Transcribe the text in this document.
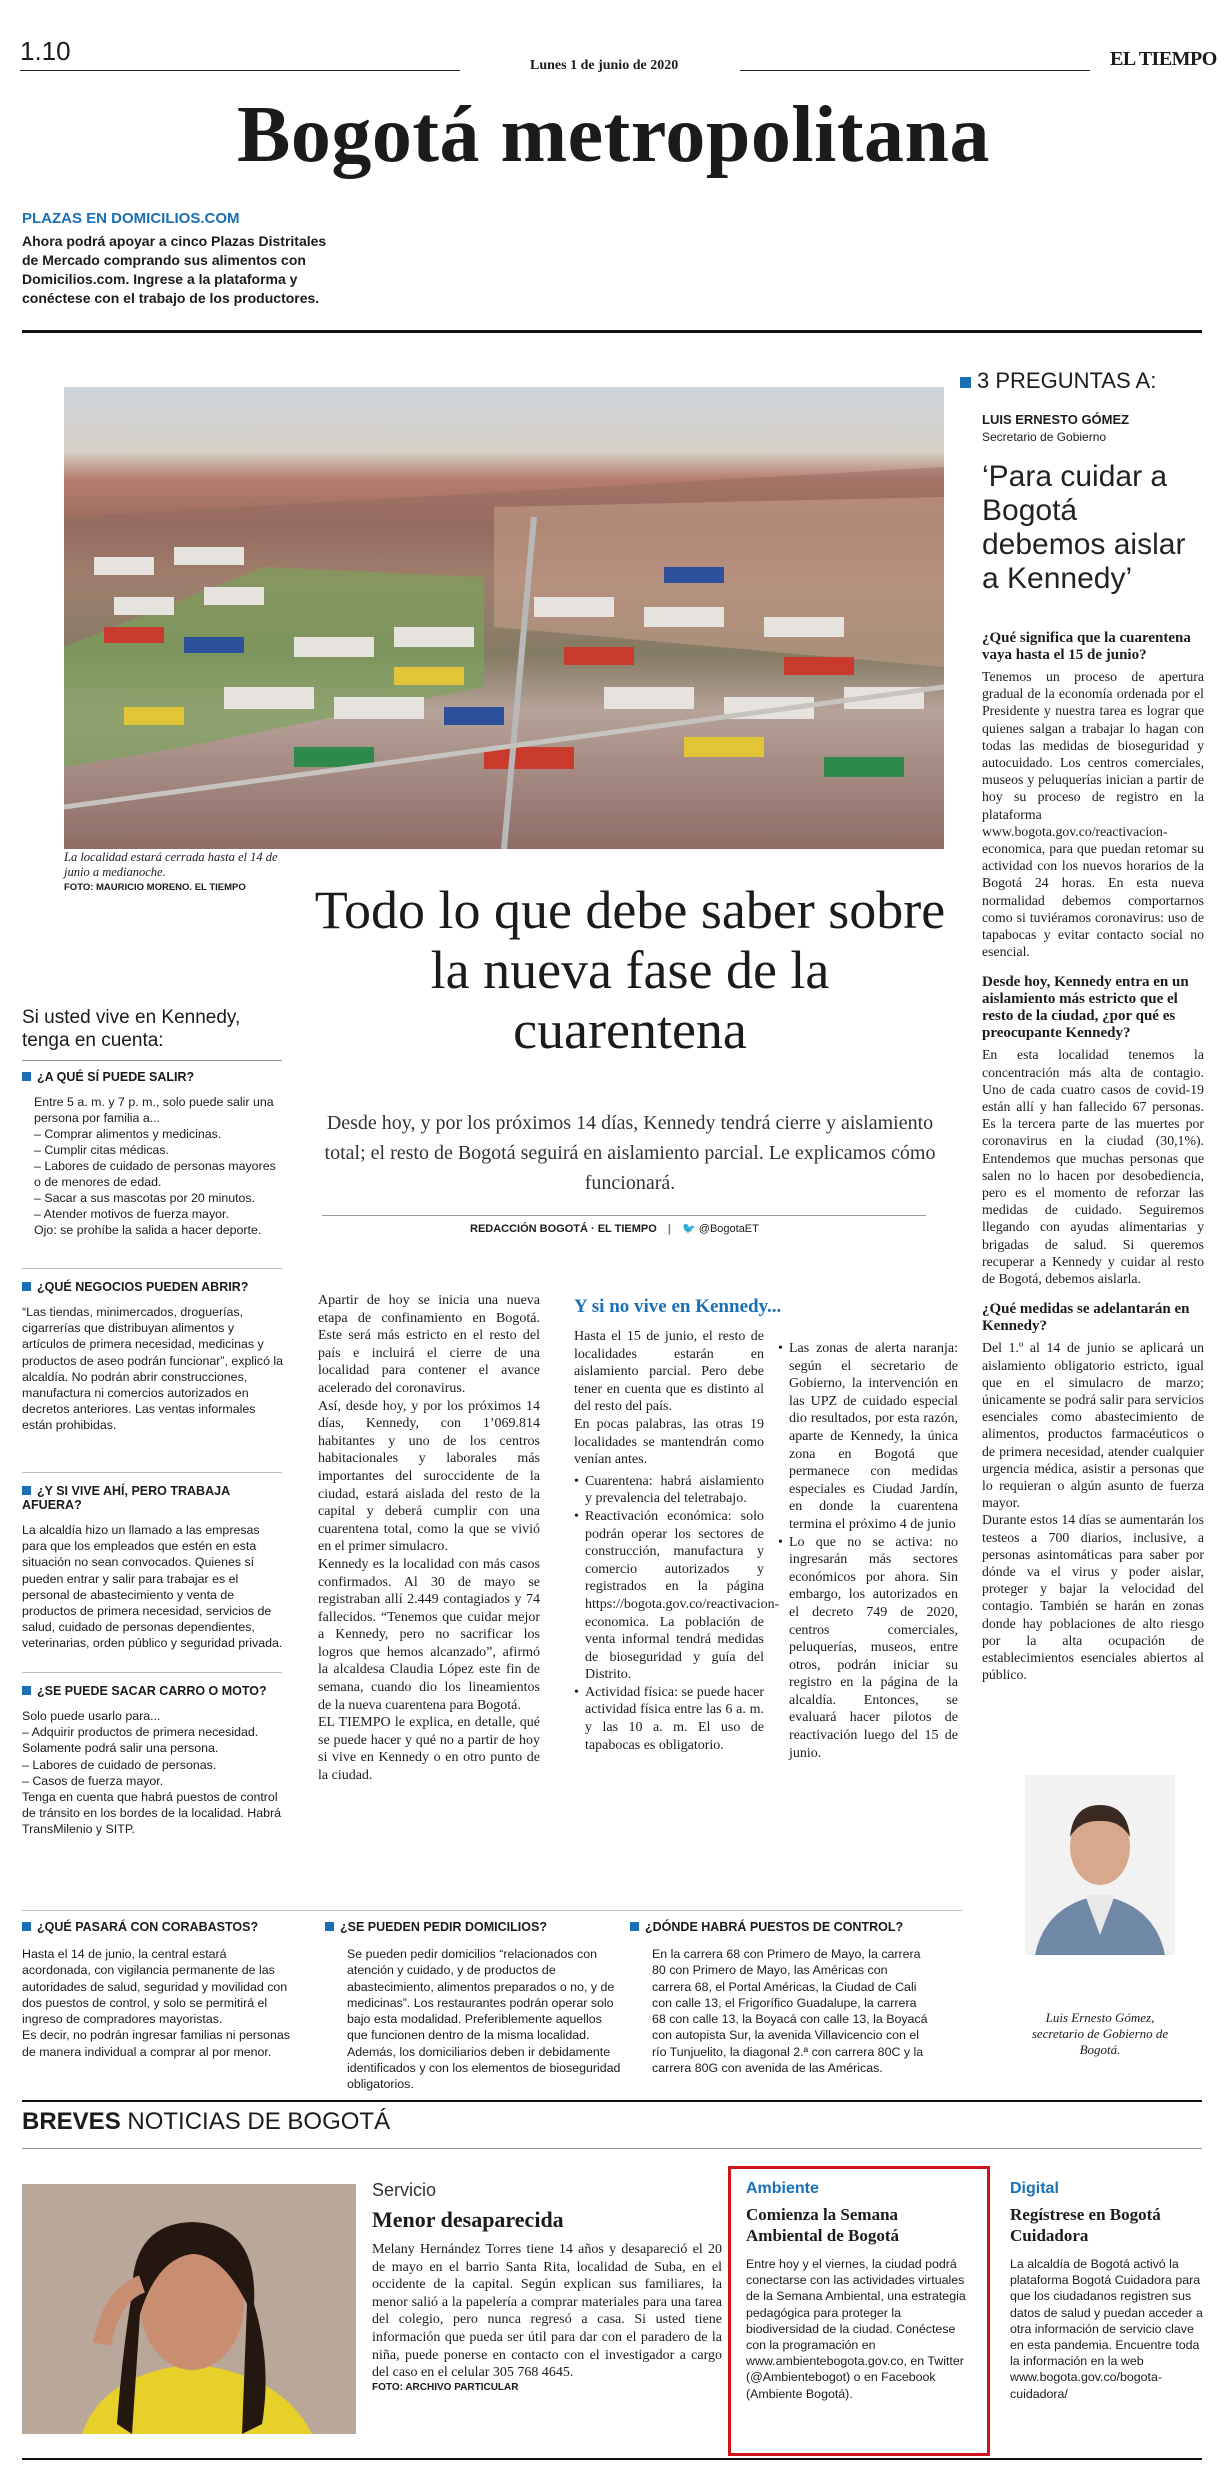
1.10	Lunes 1 de junio de 2020	EL TIEMPO
Bogotá metropolitana
PLAZAS EN DOMICILIOS.COM
Ahora podrá apoyar a cinco Plazas Distritales de Mercado comprando sus alimentos con Domicilios.com. Ingrese a la plataforma y conéctese con el trabajo de los productores.
La localidad estará cerrada hasta el 14 de junio a medianoche.
FOTO: MAURICIO MORENO. EL TIEMPO	Todo lo que debe saber sobre la nueva fase de la cuarentena
Desde hoy, y por los próximos 14 días, Kennedy tendrá cierre y aislamiento total; el resto de Bogotá seguirá en aislamiento parcial. Le explicamos cómo funcionará.
REDACCIÓN BOGOTÁ · EL TIEMPO | 🐦 @BogotaET
Si usted vive en Kennedy, tenga en cuenta:
¿A QUÉ SÍ PUEDE SALIR?
Entre 5 a. m. y 7 p. m., solo puede salir una persona por familia a...
– Comprar alimentos y medicinas.
– Cumplir citas médicas.
– Labores de cuidado de personas mayores o de menores de edad.
– Sacar a sus mascotas por 20 minutos.
– Atender motivos de fuerza mayor.
Ojo: se prohíbe la salida a hacer deporte.
¿QUÉ NEGOCIOS PUEDEN ABRIR?
“Las tiendas, minimercados, droguerías, cigarrerías que distribuyan alimentos y artículos de primera necesidad, medicinas y productos de aseo podrán funcionar”, explicó la alcaldía. No podrán abrir construcciones, manufactura ni comercios autorizados en decretos anteriores. Las ventas informales están prohibidas.
¿Y SI VIVE AHÍ, PERO TRABAJA AFUERA?
La alcaldía hizo un llamado a las empresas para que los empleados que estén en esta situación no sean convocados. Quienes sí pueden entrar y salir para trabajar es el personal de abastecimiento y venta de productos de primera necesidad, servicios de salud, cuidado de personas dependientes, veterinarias, orden público y seguridad privada.
¿SE PUEDE SACAR CARRO O MOTO?
Solo puede usarlo para...
– Adquirir productos de primera necesidad. Solamente podrá salir una persona.
– Labores de cuidado de personas.
– Casos de fuerza mayor.
Tenga en cuenta que habrá puestos de control de tránsito en los bordes de la localidad. Habrá TransMilenio y SITP.
Apartir de hoy se inicia una nueva etapa de confinamiento en Bogotá. Este será más estricto en el resto del país e incluirá el cierre de una localidad para contener el avance acelerado del coronavirus.
Así, desde hoy, y por los próximos 14 días, Kennedy, con 1’069.814 habitantes y uno de los centros habitacionales y laborales más importantes del suroccidente de la ciudad, estará aislada del resto de la capital y deberá cumplir con una cuarentena total, como la que se vivió en el primer simulacro.
Kennedy es la localidad con más casos confirmados. Al 30 de mayo se registraban allí 2.449 contagiados y 74 fallecidos. “Tenemos que cuidar mejor a Kennedy, pero no sacrificar los logros que hemos alcanzado”, afirmó la alcaldesa Claudia López este fin de semana, cuando dio los lineamientos de la nueva cuarentena para Bogotá.
EL TIEMPO le explica, en detalle, qué se puede hacer y qué no a partir de hoy si vive en Kennedy o en otro punto de la ciudad.
Y si no vive en Kennedy...
Hasta el 15 de junio, el resto de localidades estarán en aislamiento parcial. Pero debe tener en cuenta que es distinto al del resto del país.
En pocas palabras, las otras 19 localidades se mantendrán como venían antes.
• Cuarentena: habrá aislamiento y prevalencia del teletrabajo.
• Reactivación económica: solo podrán operar los sectores de construcción, manufactura y comercio autorizados y registrados en la página https://bogota.gov.co/reactivacion-economica. La población de venta informal tendrá medidas de bioseguridad y guía del Distrito.
• Actividad física: se puede hacer actividad física entre las 6 a. m. y las 10 a. m. El uso de tapabocas es obligatorio.
• Las zonas de alerta naranja: según el secretario de Gobierno, la intervención en las UPZ de cuidado especial dio resultados, por esta razón, aparte de Kennedy, la única zona en Bogotá que permanece con medidas especiales es Ciudad Jardín, en donde la cuarentena termina el próximo 4 de junio
• Lo que no se activa: no ingresarán más sectores económicos por ahora. Sin embargo, los autorizados en el decreto 749 de 2020, centros comerciales, peluquerías, museos, entre otros, podrán iniciar su registro en la página de la alcaldía. Entonces, se evaluará hacer pilotos de reactivación luego del 15 de junio.
3 PREGUNTAS A:
LUIS ERNESTO GÓMEZ
Secretario de Gobierno
‘Para cuidar a Bogotá debemos aislar a Kennedy’
¿Qué significa que la cuarentena vaya hasta el 15 de junio?
Tenemos un proceso de apertura gradual de la economía ordenada por el Presidente y nuestra tarea es lograr que quienes salgan a trabajar lo hagan con todas las medidas de bioseguridad y autocuidado. Los centros comerciales, museos y peluquerías inician a partir de hoy su proceso de registro en la plataforma www.bogota.gov.co/reactivacion-economica, para que puedan retomar su actividad con los nuevos horarios de la Bogotá 24 horas. En esta nueva normalidad debemos comportarnos como si tuviéramos coronavirus: uso de tapabocas y evitar contacto social no esencial.
Desde hoy, Kennedy entra en un aislamiento más estricto que el resto de la ciudad, ¿por qué es preocupante Kennedy?
En esta localidad tenemos la concentración más alta de contagio. Uno de cada cuatro casos de covid-19 están allí y han fallecido 67 personas. Es la tercera parte de las muertes por coronavirus en la ciudad (30,1%). Entendemos que muchas personas que salen no lo hacen por desobediencia, pero es el momento de reforzar las medidas de cuidado. Seguiremos llegando con ayudas alimentarias y brigadas de salud. Si queremos recuperar a Kennedy y cuidar al resto de Bogotá, debemos aislarla.
¿Qué medidas se adelantarán en Kennedy?
Del 1.º al 14 de junio se aplicará un aislamiento obligatorio estricto, igual que en el simulacro de marzo; únicamente se podrá salir para servicios esenciales como abastecimiento de alimentos, productos farmacéuticos o de primera necesidad, atender cualquier urgencia médica, asistir a personas que lo requieran o algún asunto de fuerza mayor.
Durante estos 14 días se aumentarán los testeos a 700 diarios, inclusive, a personas asintomáticas para saber por dónde va el virus y poder aislar, proteger y bajar la velocidad del contagio. También se harán en zonas donde hay poblaciones de alto riesgo por la alta ocupación de establecimientos esenciales abiertos al público.
Luis Ernesto Gómez, secretario de Gobierno de Bogotá.
¿QUÉ PASARÁ CON CORABASTOS?
Hasta el 14 de junio, la central estará acordonada, con vigilancia permanente de las autoridades de salud, seguridad y movilidad con dos puestos de control, y solo se permitirá el ingreso de compradores mayoristas.
Es decir, no podrán ingresar familias ni personas de manera individual a comprar al por menor.
¿SE PUEDEN PEDIR DOMICILIOS?
Se pueden pedir domicilios “relacionados con atención y cuidado, y de productos de abastecimiento, alimentos preparados o no, y de medicinas”. Los restaurantes podrán operar solo bajo esta modalidad. Preferiblemente aquellos que funcionen dentro de la misma localidad. Además, los domiciliarios deben ir debidamente identificados y con los elementos de bioseguridad obligatorios.
¿DÓNDE HABRÁ PUESTOS DE CONTROL?
En la carrera 68 con Primero de Mayo, la carrera 80 con Primero de Mayo, las Américas con carrera 68, el Portal Américas, la Ciudad de Cali con calle 13, el Frigorífico Guadalupe, la carrera 68 con calle 13, la Boyacá con calle 13, la Boyacá con autopista Sur, la avenida Villavicencio con el río Tunjuelito, la diagonal 2.ª con carrera 80C y la carrera 80G con avenida de las Américas.
BREVES NOTICIAS DE BOGOTÁ
Servicio
Menor desaparecida
Melany Hernández Torres tiene 14 años y desapareció el 20 de mayo en el barrio Santa Rita, localidad de Suba, en el occidente de la capital. Según explican sus familiares, la menor salió a la papelería a comprar materiales para una tarea del colegio, pero nunca regresó a casa. Si usted tiene información que pueda ser útil para dar con el paradero de la niña, puede ponerse en contacto con el investigador a cargo del caso en el celular 305 768 4645.
FOTO: ARCHIVO PARTICULAR
Ambiente
Comienza la Semana Ambiental de Bogotá
Entre hoy y el viernes, la ciudad podrá conectarse con las actividades virtuales de la Semana Ambiental, una estrategia pedagógica para proteger la biodiversidad de la ciudad. Conéctese con la programación en www.ambientebogota.gov.co, en Twitter (@Ambientebogot) o en Facebook (Ambiente Bogotá).
Digital
Regístrese en Bogotá Cuidadora
La alcaldía de Bogotá activó la plataforma Bogotá Cuidadora para que los ciudadanos registren sus datos de salud y puedan acceder a otra información de servicio clave en esta pandemia. Encuentre toda la información en la web www.bogota.gov.co/bogota-cuidadora/
